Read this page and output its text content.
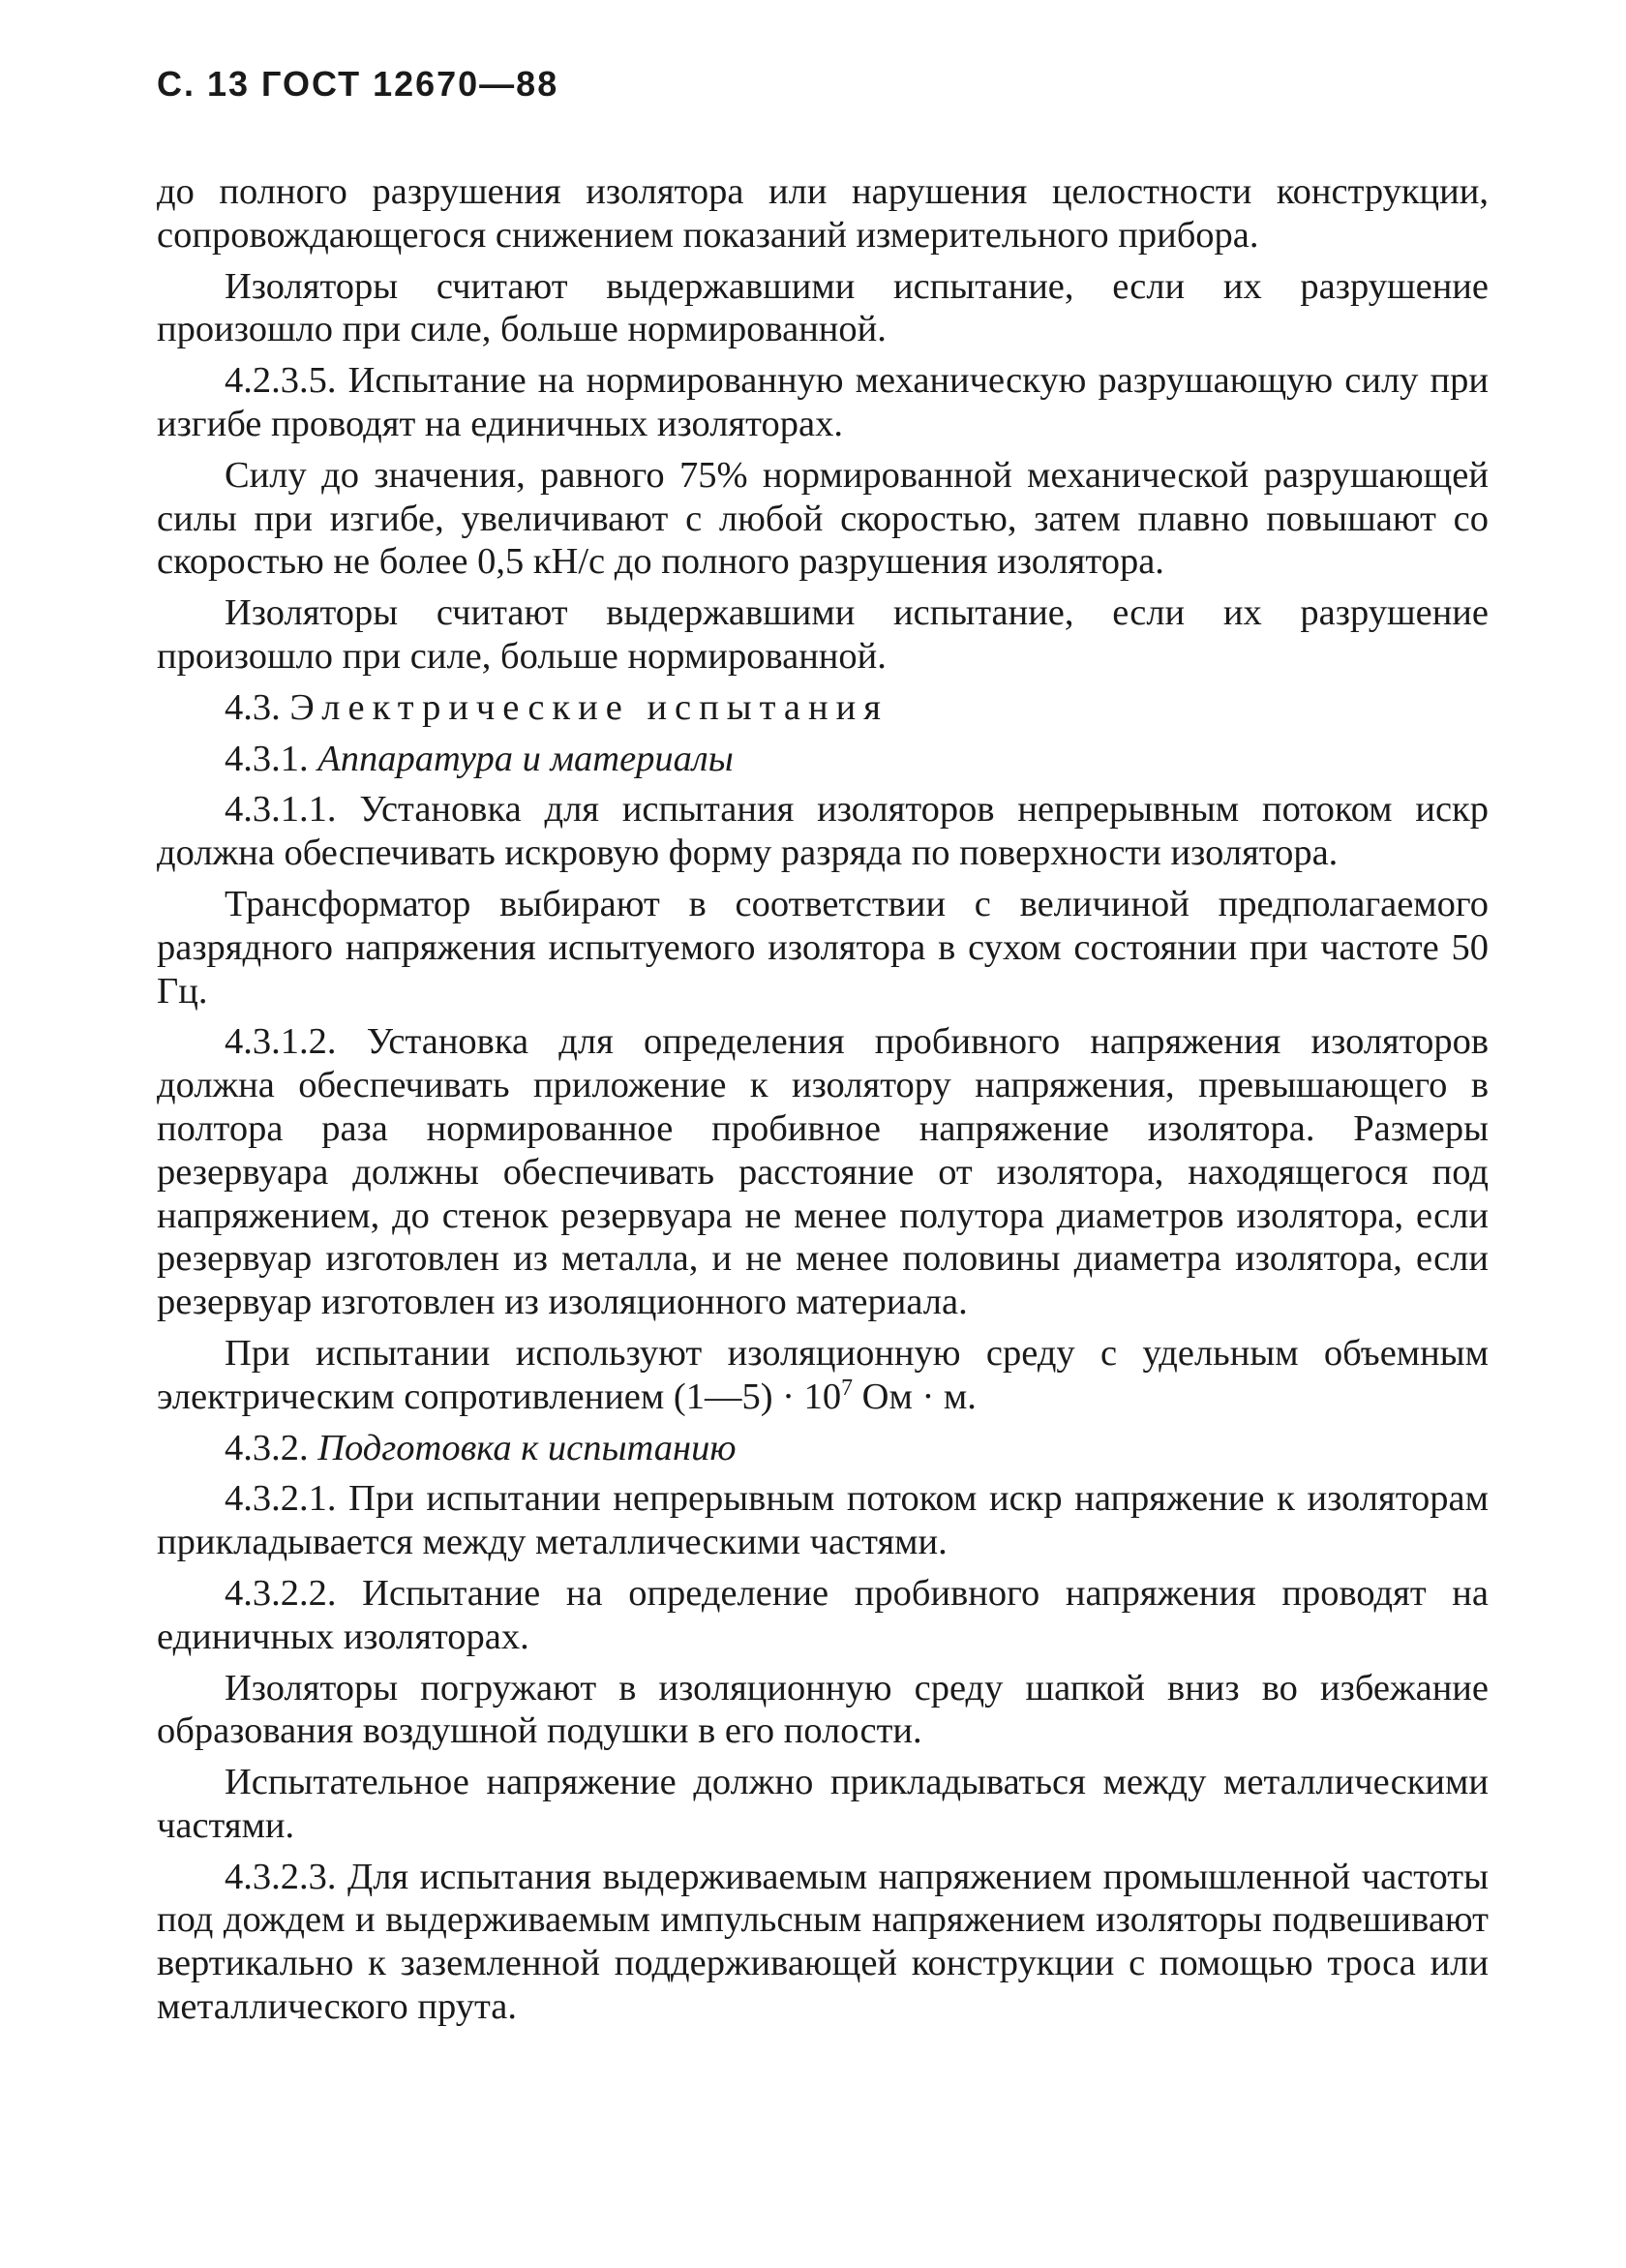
С. 13 ГОСТ 12670—88

до полного разрушения изолятора или нарушения целостности конструкции, сопровождающегося снижением показаний измерительного прибора.

Изоляторы считают выдержавшими испытание, если их разрушение произошло при силе, больше нормированной.

4.2.3.5. Испытание на нормированную механическую разрушающую силу при изгибе проводят на единичных изоляторах.

Силу до значения, равного 75% нормированной механической разрушающей силы при изгибе, увеличивают с любой скоростью, затем плавно повышают со скоростью не более 0,5 кН/с до полного разрушения изолятора.

Изоляторы считают выдержавшими испытание, если их разрушение произошло при силе, больше нормированной.

4.3. Электрические испытания

4.3.1. Аппаратура и материалы

4.3.1.1. Установка для испытания изоляторов непрерывным потоком искр должна обеспечивать искровую форму разряда по поверхности изолятора.

Трансформатор выбирают в соответствии с величиной предполагаемого разрядного напряжения испытуемого изолятора в сухом состоянии при частоте 50 Гц.

4.3.1.2. Установка для определения пробивного напряжения изоляторов должна обеспечивать приложение к изолятору напряжения, превышающего в полтора раза нормированное пробивное напряжение изолятора. Размеры резервуара должны обеспечивать расстояние от изолятора, находящегося под напряжением, до стенок резервуара не менее полутора диаметров изолятора, если резервуар изготовлен из металла, и не менее половины диаметра изолятора, если резервуар изготовлен из изоляционного материала.

При испытании используют изоляционную среду с удельным объемным электрическим сопротивлением (1—5) · $10^7$ Ом · м.

4.3.2. Подготовка к испытанию

4.3.2.1. При испытании непрерывным потоком искр напряжение к изоляторам прикладывается между металлическими частями.

4.3.2.2. Испытание на определение пробивного напряжения проводят на единичных изоляторах.

Изоляторы погружают в изоляционную среду шапкой вниз во избежание образования воздушной подушки в его полости.

Испытательное напряжение должно прикладываться между металлическими частями.

4.3.2.3. Для испытания выдерживаемым напряжением промышленной частоты под дождем и выдерживаемым импульсным напряжением изоляторы подвешивают вертикально к заземленной поддерживающей конструкции с помощью троса или металлического прута.
